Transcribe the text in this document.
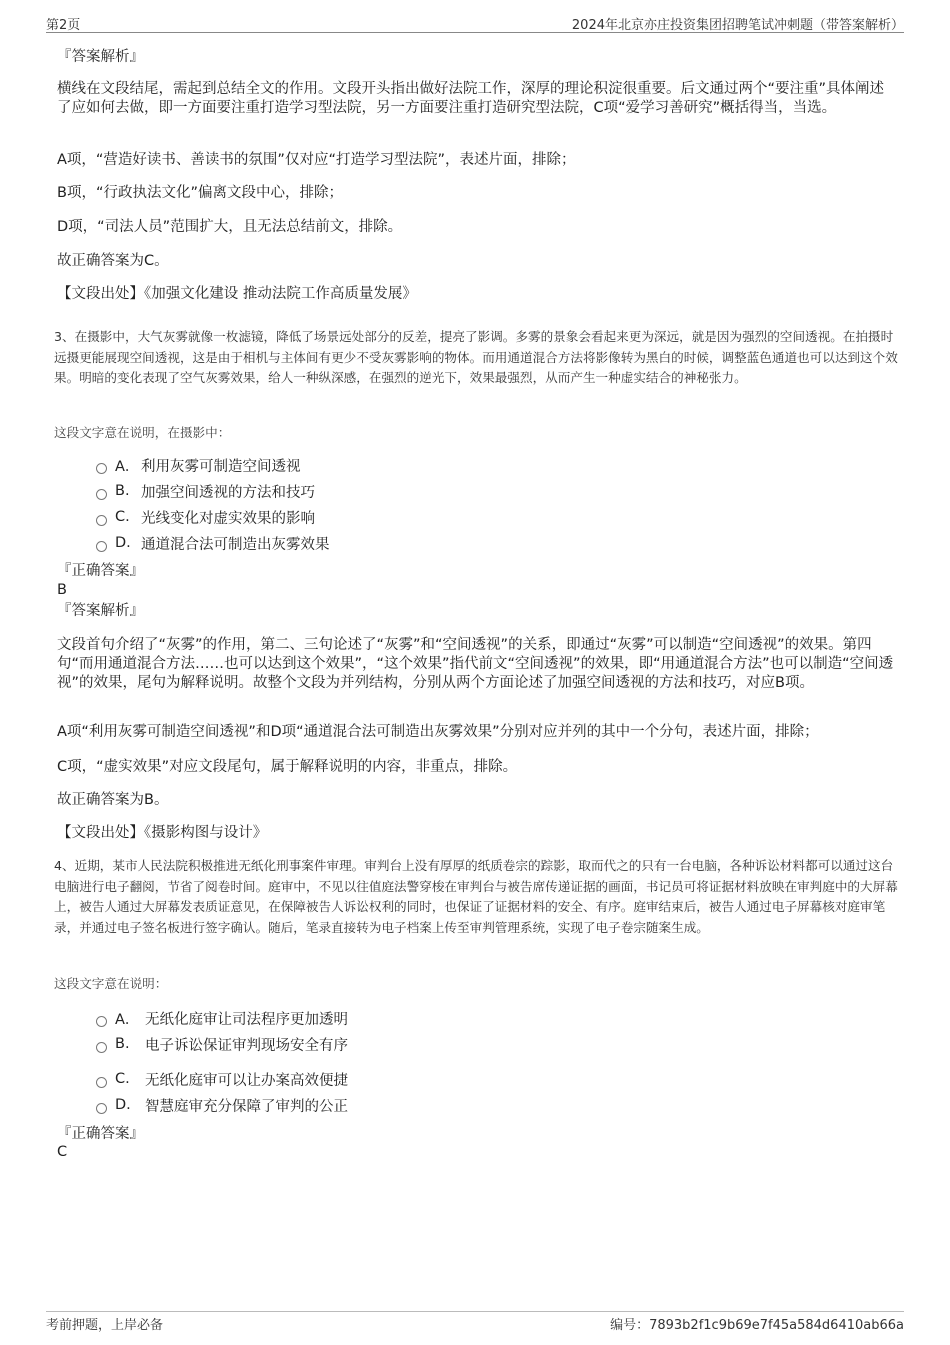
第2页	2024年北京亦庄投资集团招聘笔试冲刺题（带答案解析）
『答案解析』
横线在文段结尾，需起到总结全文的作用。文段开头指出做好法院工作，深厚的理论积淀很重要。后文通过两个“要注重”具体阐述了应如何去做，即一方面要注重打造学习型法院，另一方面要注重打造研究型法院，C项“爱学习善研究”概括得当，当选。
A项，“营造好读书、善读书的氛围”仅对应“打造学习型法院”，表述片面，排除；
B项，“行政执法文化”偏离文段中心，排除；
D项，“司法人员”范围扩大，且无法总结前文，排除。
故正确答案为C。
【文段出处】《加强文化建设 推动法院工作高质量发展》
3、在摄影中，大气灰雾就像一枚滤镜，降低了场景远处部分的反差，提亮了影调。多雾的景象会看起来更为深远，就是因为强烈的空间透视。在拍摄时远摄更能展现空间透视，这是由于相机与主体间有更少不受灰雾影响的物体。而用通道混合方法将影像转为黑白的时候，调整蓝色通道也可以达到这个效果。明暗的变化表现了空气灰雾效果，给人一种纵深感，在强烈的逆光下，效果最强烈，从而产生一种虚实结合的神秘张力。
这段文字意在说明，在摄影中：
A． 利用灰雾可制造空间透视
B. 加强空间透视的方法和技巧
C. 光线变化对虚实效果的影响
D. 通道混合法可制造出灰雾效果
『正确答案』
B
『答案解析』
文段首句介绍了“灰雾”的作用，第二、三句论述了“灰雾”和“空间透视”的关系，即通过“灰雾”可以制造“空间透视”的效果。第四句“而用通道混合方法……也可以达到这个效果”，“这个效果”指代前文“空间透视”的效果，即“用通道混合方法”也可以制造“空间透视”的效果，尾句为解释说明。故整个文段为并列结构，分别从两个方面论述了加强空间透视的方法和技巧，对应B项。
A项“利用灰雾可制造空间透视”和D项“通道混合法可制造出灰雾效果”分别对应并列的其中一个分句，表述片面，排除；
C项，“虚实效果”对应文段尾句，属于解释说明的内容，非重点，排除。
故正确答案为B。
【文段出处】《摄影构图与设计》
4、近期，某市人民法院积极推进无纸化刑事案件审理。审判台上没有厚厚的纸质卷宗的踪影，取而代之的只有一台电脑，各种诉讼材料都可以通过这台电脑进行电子翻阅，节省了阅卷时间。庭审中，不见以往值庭法警穿梭在审判台与被告席传递证据的画面，书记员可将证据材料放映在审判庭中的大屏幕上，被告人通过大屏幕发表质证意见，在保障被告人诉讼权利的同时，也保证了证据材料的安全、有序。庭审结束后，被告人通过电子屏幕核对庭审笔录，并通过电子签名板进行签字确认。随后，笔录直接转为电子档案上传至审判管理系统，实现了电子卷宗随案生成。
这段文字意在说明：
A． 无纸化庭审让司法程序更加透明
B.	电子诉讼保证审判现场安全有序
C.	无纸化庭审可以让办案高效便捷
D. 智慧庭审充分保障了审判的公正
『正确答案』
C
考前押题，上岸必备	编号：7893b2f1c9b69e7f45a584d6410ab66a
